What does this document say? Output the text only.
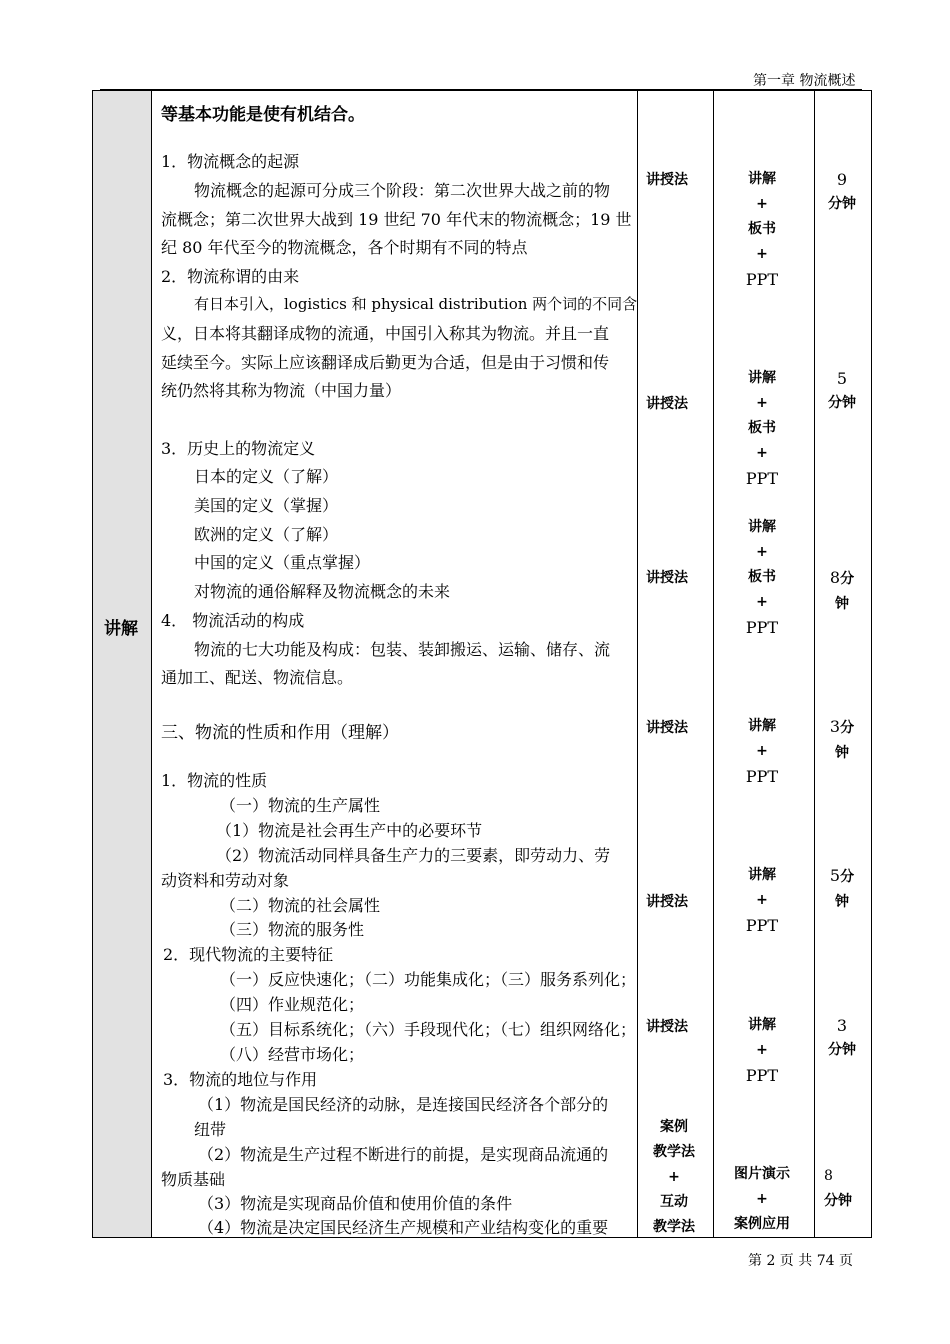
第一章 物流概述
讲解
等基本功能是使有机结合。
1．物流概念的起源
物流概念的起源可分成三个阶段：第二次世界大战之前的物
流概念；第二次世界大战到 19 世纪 70 年代末的物流概念；19 世
纪 80 年代至今的物流概念，各个时期有不同的特点
2．物流称谓的由来
有日本引入，logistics 和 physical distribution 两个词的不同含
义，日本将其翻译成物的流通，中国引入称其为物流。并且一直
延续至今。实际上应该翻译成后勤更为合适，但是由于习惯和传
统仍然将其称为物流（中国力量）
3．历史上的物流定义
日本的定义（了解）
美国的定义（掌握）
欧洲的定义（了解）
中国的定义（重点掌握）
对物流的通俗解释及物流概念的未来
4． 物流活动的构成
物流的七大功能及构成：包装、装卸搬运、运输、储存、流
通加工、配送、物流信息。
三、物流的性质和作用（理解）
1．物流的性质
（一）物流的生产属性
（1）物流是社会再生产中的必要环节
（2）物流活动同样具备生产力的三要素，即劳动力、劳
动资料和劳动对象
（二）物流的社会属性
（三）物流的服务性
2．现代物流的主要特征
（一）反应快速化；（二）功能集成化；（三）服务系列化；
（四）作业规范化；
（五）目标系统化；（六）手段现代化；（七）组织网络化；
（八）经营市场化；
3．物流的地位与作用
（1）物流是国民经济的动脉，是连接国民经济各个部分的
纽带
（2）物流是生产过程不断进行的前提，是实现商品流通的
物质基础
（3）物流是实现商品价值和使用价值的条件
（4）物流是决定国民经济生产规模和产业结构变化的重要
讲授法
讲授法
讲授法
讲授法
讲授法
讲授法
案例
教学法
+
互动
教学法
讲解
+
板书
+
PPT
讲解
+
板书
+
PPT
讲解
+
板书
+
PPT
讲解
+
PPT
讲解
+
PPT
讲解
+
PPT
图片演示
+
案例应用
9
分钟
5
分钟
8分
钟
3分
钟
5分
钟
3
分钟
8
分钟
第 2 页 共 74 页
